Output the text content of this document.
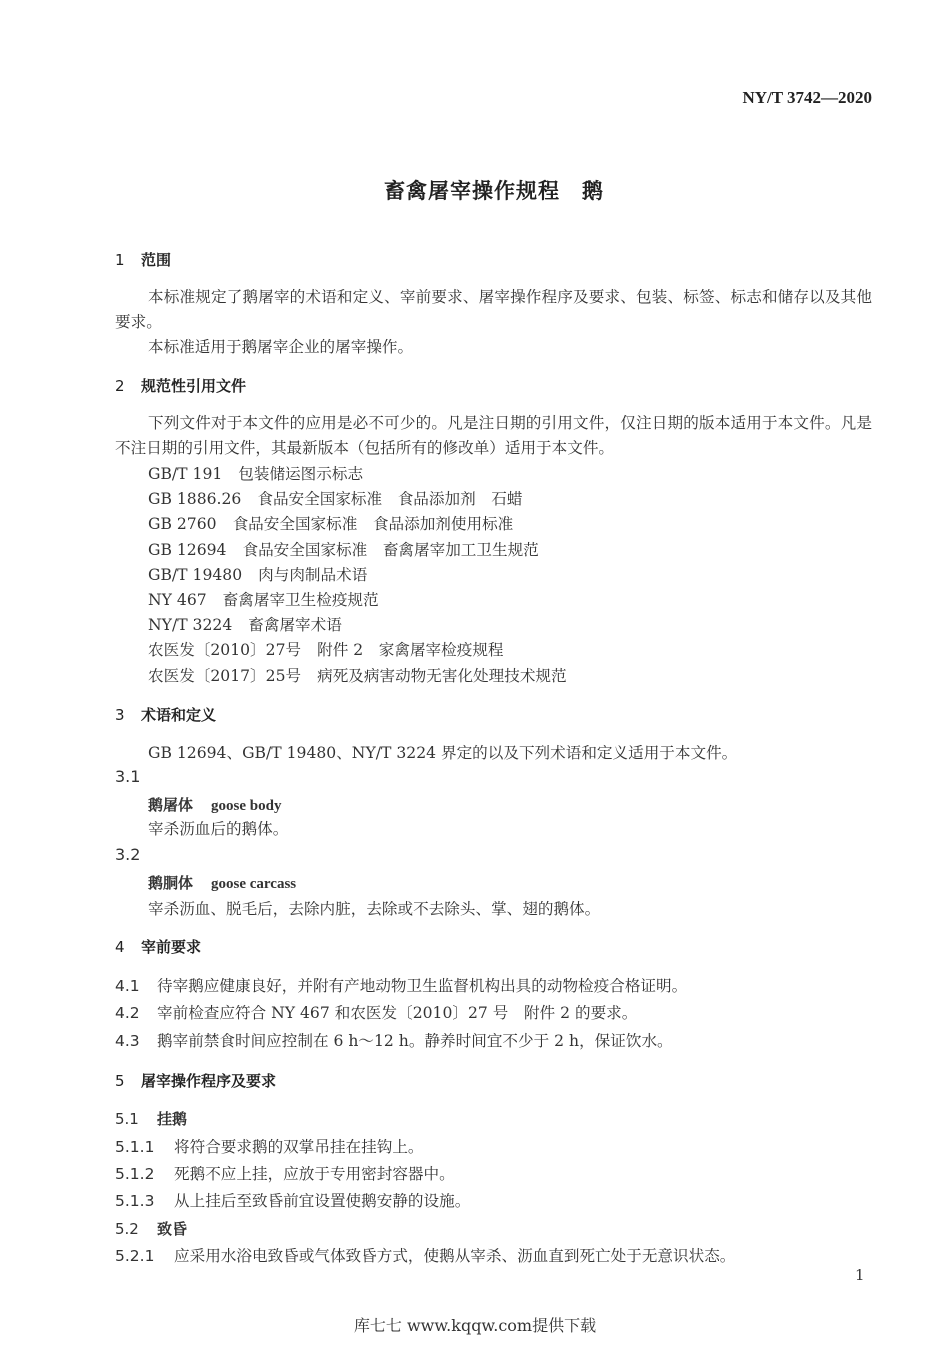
NY/T 3742—2020
畜禽屠宰操作规程　鹅
1 范围
本标准规定了鹅屠宰的术语和定义、宰前要求、屠宰操作程序及要求、包装、标签、标志和储存以及其他要求。
本标准适用于鹅屠宰企业的屠宰操作。
2 规范性引用文件
下列文件对于本文件的应用是必不可少的。凡是注日期的引用文件，仅注日期的版本适用于本文件。凡是不注日期的引用文件，其最新版本（包括所有的修改单）适用于本文件。
GB/T 191 包装储运图示标志
GB 1886.26 食品安全国家标准　食品添加剂　石蜡
GB 2760 食品安全国家标准　食品添加剂使用标准
GB 12694 食品安全国家标准　畜禽屠宰加工卫生规范
GB/T 19480 肉与肉制品术语
NY 467 畜禽屠宰卫生检疫规范
NY/T 3224 畜禽屠宰术语
农医发〔2010〕27号 附件 2　家禽屠宰检疫规程
农医发〔2017〕25号 病死及病害动物无害化处理技术规范
3 术语和定义
GB 12694、GB/T 19480、NY/T 3224 界定的以及下列术语和定义适用于本文件。
3.1
鹅屠体 goose body
宰杀沥血后的鹅体。
3.2
鹅胴体 goose carcass
宰杀沥血、脱毛后，去除内脏，去除或不去除头、掌、翅的鹅体。
4 宰前要求
4.1 待宰鹅应健康良好，并附有产地动物卫生监督机构出具的动物检疫合格证明。
4.2 宰前检查应符合 NY 467 和农医发〔2010〕27 号　附件 2 的要求。
4.3 鹅宰前禁食时间应控制在 6 h～12 h。静养时间宜不少于 2 h，保证饮水。
5 屠宰操作程序及要求
5.1 挂鹅
5.1.1 将符合要求鹅的双掌吊挂在挂钩上。
5.1.2 死鹅不应上挂，应放于专用密封容器中。
5.1.3 从上挂后至致昏前宜设置使鹅安静的设施。
5.2 致昏
5.2.1 应采用水浴电致昏或气体致昏方式，使鹅从宰杀、沥血直到死亡处于无意识状态。
1
库七七 www.kqqw.com提供下载
